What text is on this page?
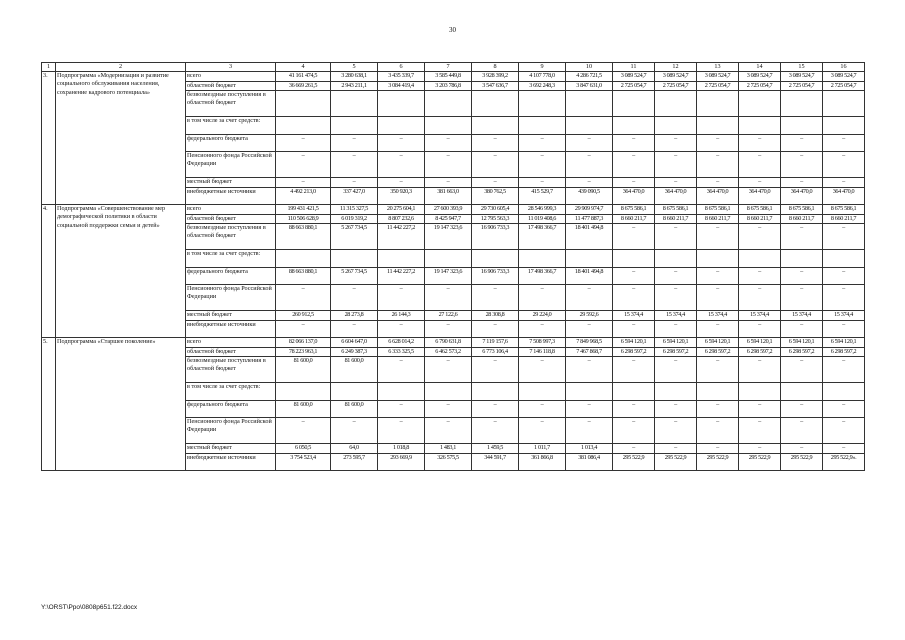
30
1	2	3	4	5	6	7	8	9	10	11	12	13	14	15	16
3.	Подпрограмма «Модернизация и развитие социального обслуживания населения, сохранение кадрового потенциала»	всего	41 161 474,5	3 280 638,1	3 435 339,7	3 585 449,8	3 928 399,2	4 107 778,0	4 286 721,5	3 089 524,7	3 089 524,7	3 089 524,7	3 089 524,7	3 089 524,7	3 089 524,7
		областной бюджет	36 669 261,5	2 943 211,1	3 084 419,4	3 203 786,8	3 547 636,7	3 692 248,3	3 847 631,0	2 725 054,7	2 725 054,7	2 725 054,7	2 725 054,7	2 725 054,7	2 725 054,7
		безвозмездные поступления в областной бюджет													
		в том числе за счет средств:													
		федерального бюджета	–	–	–	–	–	–	–	–	–	–	–	–	–
		Пенсионного фонда Российской Федерации	–	–	–	–	–	–	–	–	–	–	–	–	–
		местный бюджет	–	–	–	–	–	–	–	–	–	–	–	–	–
		внебюджетные источники	4 492 213,0	337 427,0	350 920,3	381 663,0	380 762,5	415 529,7	439 090,5	364 470,0	364 470,0	364 470,0	364 470,0	364 470,0	364 470,0
4.	Подпрограмма «Совершенствование мер демографической политики в области социальной поддержки семьи и детей»	всего	199 431 421,5	11 315 327,5	20 275 604,1	27 600 393,9	29 730 605,4	28 546 999,3	29 909 974,7	8 675 586,1	8 675 586,1	8 675 586,1	8 675 586,1	8 675 586,1	8 675 586,1
		областной бюджет	110 506 628,9	6 019 319,2	8 807 232,6	8 425 947,7	12 795 563,3	11 019 408,6	11 477 887,3	8 660 211,7	8 660 211,7	8 660 211,7	8 660 211,7	8 660 211,7	8 660 211,7
		безвозмездные поступления в областной бюджет	88 663 880,1	5 267 734,5	11 442 227,2	19 147 323,6	16 906 733,3	17 498 366,7	18 401 494,8	–	–	–	–	–	–
		в том числе за счет средств:													
		федерального бюджета	88 663 880,1	5 267 734,5	11 442 227,2	19 147 323,6	16 906 733,3	17 498 366,7	18 401 494,8	–	–	–	–	–	–
		Пенсионного фонда Российской Федерации	–	–	–	–	–	–	–	–	–	–	–	–	–
		местный бюджет	260 912,5	28 273,8	26 144,3	27 122,6	28 308,8	29 224,0	29 592,6	15 374,4	15 374,4	15 374,4	15 374,4	15 374,4	15 374,4
		внебюджетные источники	–	–	–	–	–	–	–	–	–	–	–	–	–
5.	Подпрограмма «Старшее поколение»	всего	82 066 137,0	6 604 647,0	6 628 014,2	6 790 631,8	7 119 157,6	7 508 997,3	7 849 968,5	6 594 120,1	6 594 120,1	6 594 120,1	6 594 120,1	6 594 120,1	6 594 120,1
		областной бюджет	78 223 963,1	6 249 387,3	6 333 325,5	6 462 573,2	6 773 106,4	7 146 118,8	7 467 868,7	6 298 597,2	6 298 597,2	6 298 597,2	6 298 597,2	6 298 597,2	6 298 597,2
		безвозмездные поступления в областной бюджет	81 600,0	81 600,0	–	–	–	–	–	–	–	–	–	–	–
		в том числе за счет средств:													
		федерального бюджета	81 600,0	81 600,0	–	–	–	–	–	–	–	–	–	–	–
		Пенсионного фонда Российской Федерации	–	–	–	–	–	–	–	–	–	–	–	–	–
		местный бюджет	6 050,5	64,0	1 018,8	1 483,1	1 459,5	1 011,7	1 013,4	–	–	–	–	–	–
		внебюджетные источники	3 754 523,4	273 595,7	293 669,9	326 575,5	344 591,7	361 866,8	381 086,4	295 522,9	295 522,9	295 522,9	295 522,9	295 522,9	295 522,9».
Y:\ORST\Ppo\0808p651.f22.docx
